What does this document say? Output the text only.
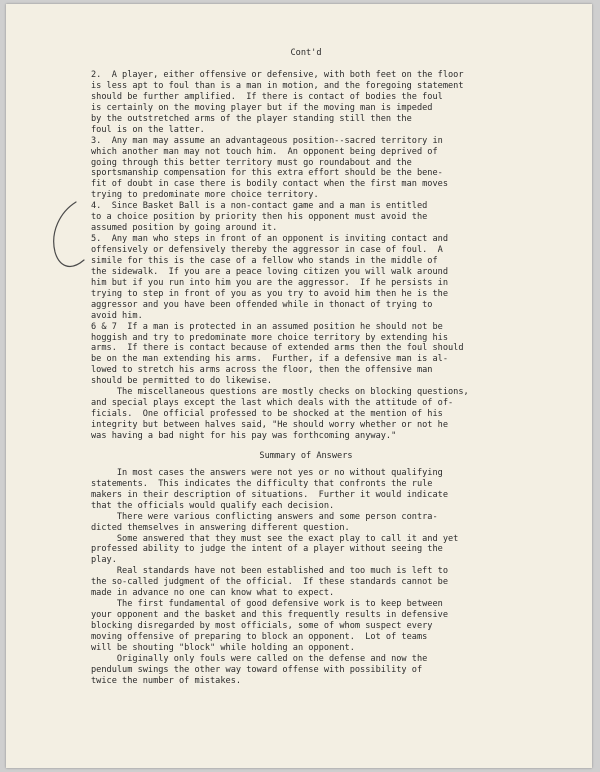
Cont'd
2.  A player, either offensive or defensive, with both feet on the floor
is less apt to foul than is a man in motion, and the foregoing statement
should be further amplified.  If there is contact of bodies the foul
is certainly on the moving player but if the moving man is impeded
by the outstretched arms of the player standing still then the
foul is on the latter.
3.  Any man may assume an advantageous position--sacred territory in
which another man may not touch him.  An opponent being deprived of
going through this better territory must go roundabout and the
sportsmanship compensation for this extra effort should be the bene-
fit of doubt in case there is bodily contact when the first man moves
trying to predominate more choice territory.
4.  Since Basket Ball is a non-contact game and a man is entitled
to a choice position by priority then his opponent must avoid the
assumed position by going around it.
5.  Any man who steps in front of an opponent is inviting contact and
offensively or defensively thereby the aggressor in case of foul.  A
simile for this is the case of a fellow who stands in the middle of
the sidewalk.  If you are a peace loving citizen you will walk around
him but if you run into him you are the aggressor.  If he persists in
trying to step in front of you as you try to avoid him then he is the
aggressor and you have been offended while in thonact of trying to
avoid him.
6 & 7  If a man is protected in an assumed position he should not be
hoggish and try to predominate more choice territory by extending his
arms.  If there is contact because of extended arms then the foul should
be on the man extending his arms.  Further, if a defensive man is al-
lowed to stretch his arms across the floor, then the offensive man
should be permitted to do likewise.
The miscellaneous questions are mostly checks on blocking questions,
and special plays except the last which deals with the attitude of of-
ficials.  One official professed to be shocked at the mention of his
integrity but between halves said, "He should worry whether or not he
was having a bad night for his pay was forthcoming anyway."
Summary of Answers
In most cases the answers were not yes or no without qualifying
statements.  This indicates the difficulty that confronts the rule
makers in their description of situations.  Further it would indicate
that the officials would qualify each decision.
There were various conflicting answers and some person contra-
dicted themselves in answering different question.
Some answered that they must see the exact play to call it and yet
professed ability to judge the intent of a player without seeing the
play.
Real standards have not been established and too much is left to
the so-called judgment of the official.  If these standards cannot be
made in advance no one can know what to expect.
The first fundamental of good defensive work is to keep between
your opponent and the basket and this frequently results in defensive
blocking disregarded by most officials, some of whom suspect every
moving offensive of preparing to block an opponent.  Lot of teams
will be shouting "block" while holding an opponent.
Originally only fouls were called on the defense and now the
pendulum swings the other way toward offense with possibility of
twice the number of mistakes.
